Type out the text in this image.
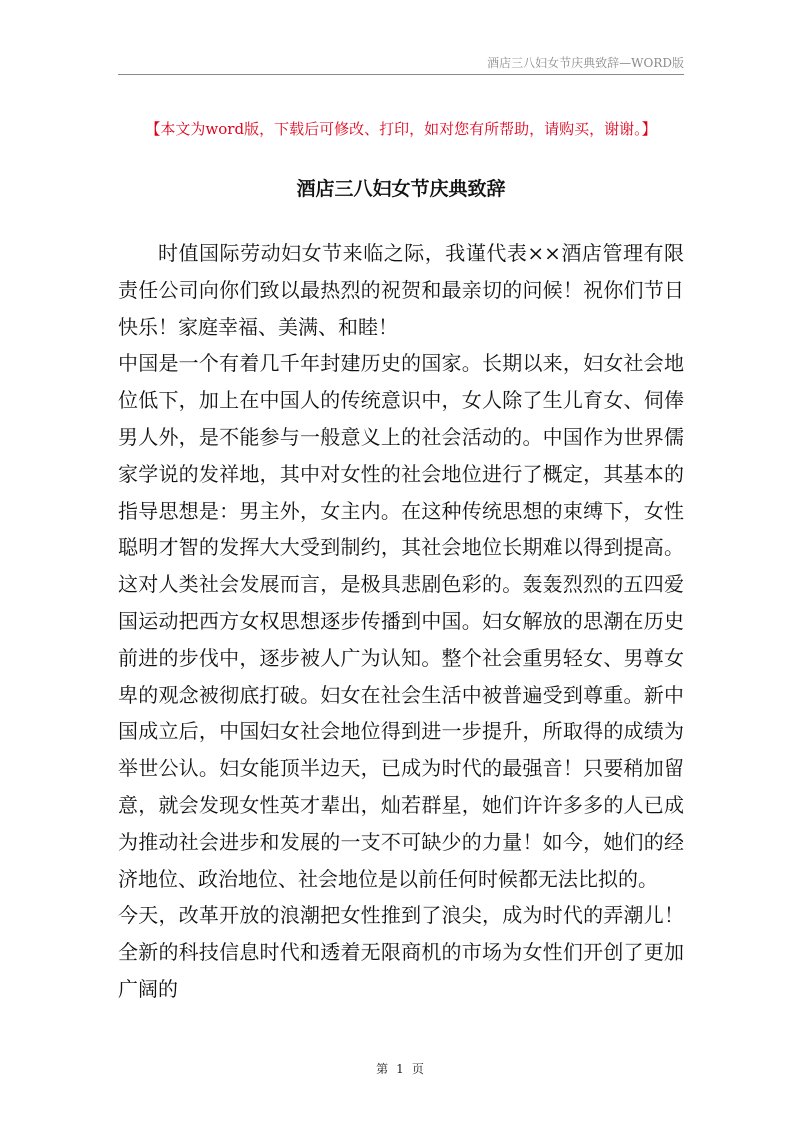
酒店三八妇女节庆典致辞—WORD版
【本文为word版，下载后可修改、打印，如对您有所帮助，请购买，谢谢。】
酒店三八妇女节庆典致辞

时值国际劳动妇女节来临之际，我谨代表××酒店管理有限责任公司向你们致以最热烈的祝贺和最亲切的问候！祝你们节日快乐！家庭幸福、美满、和睦！

中国是一个有着几千年封建历史的国家。长期以来，妇女社会地位低下，加上在中国人的传统意识中，女人除了生儿育女、伺俸男人外，是不能参与一般意义上的社会活动的。中国作为世界儒家学说的发祥地，其中对女性的社会地位进行了概定，其基本的指导思想是：男主外，女主内。在这种传统思想的束缚下，女性聪明才智的发挥大大受到制约，其社会地位长期难以得到提高。这对人类社会发展而言，是极具悲剧色彩的。轰轰烈烈的五四爱国运动把西方女权思想逐步传播到中国。妇女解放的思潮在历史前进的步伐中，逐步被人广为认知。整个社会重男轻女、男尊女卑的观念被彻底打破。妇女在社会生活中被普遍受到尊重。新中国成立后，中国妇女社会地位得到进一步提升，所取得的成绩为举世公认。妇女能顶半边天，已成为时代的最强音！只要稍加留意，就会发现女性英才辈出，灿若群星，她们许许多多的人已成为推动社会进步和发展的一支不可缺少的力量！如今，她们的经济地位、政治地位、社会地位是以前任何时候都无法比拟的。

今天，改革开放的浪潮把女性推到了浪尖，成为时代的弄潮儿！全新的科技信息时代和透着无限商机的市场为女性们开创了更加广阔的

第 1 页
